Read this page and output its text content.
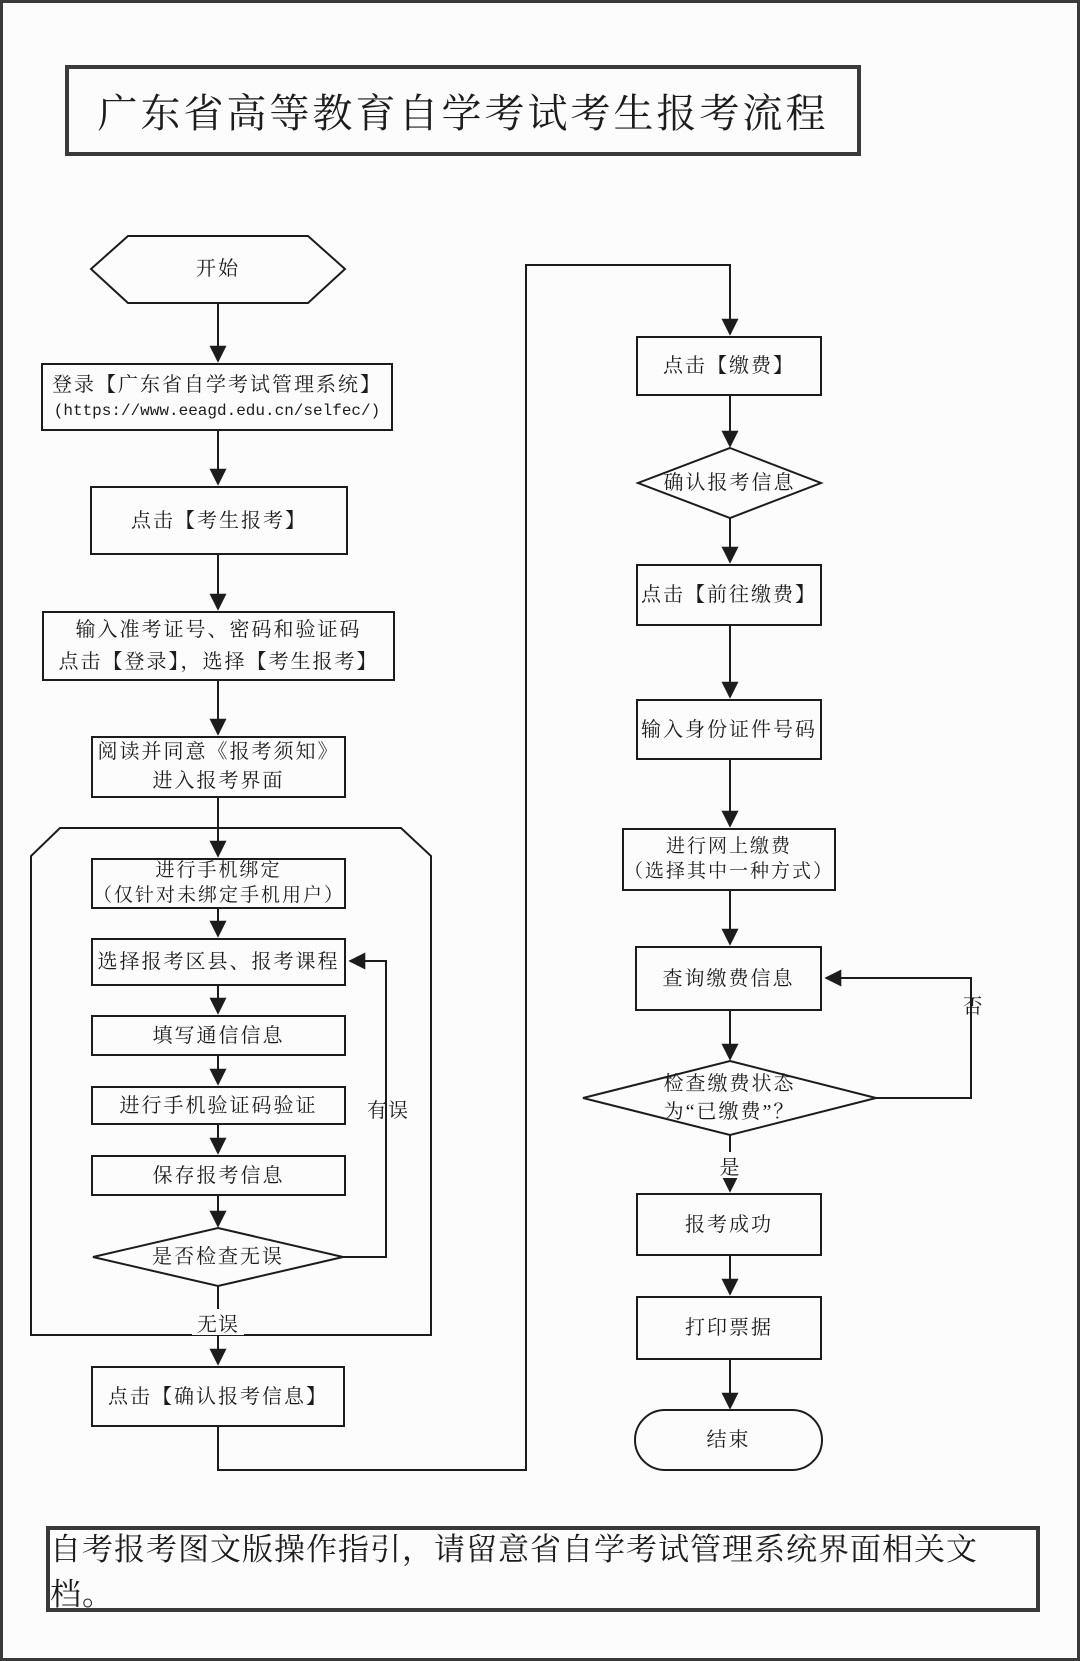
广东省高等教育自学考试考生报考流程
开始
登录【广东省自学考试管理系统】
(https://www.eeagd.edu.cn/selfec/)
点击【考生报考】
输入准考证号、密码和验证码
点击【登录】，选择【考生报考】
阅读并同意《报考须知》
进入报考界面
进行手机绑定
（仅针对未绑定手机用户）
选择报考区县、报考课程
填写通信信息
进行手机验证码验证
保存报考信息
是否检查无误
点击【确认报考信息】
点击【缴费】
确认报考信息
点击【前往缴费】
输入身份证件号码
进行网上缴费
（选择其中一种方式）
查询缴费信息
检查缴费状态
为“已缴费”？
报考成功
打印票据
结束
有误
无误
是
否
自考报考图文版操作指引，请留意省自学考试管理系统界面相关文档。
